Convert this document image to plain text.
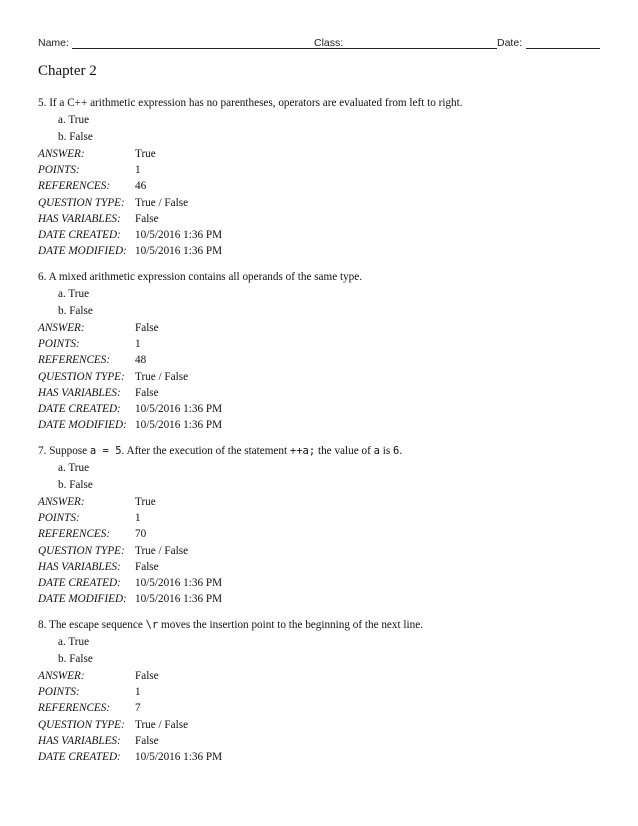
Name:	Class:	Date:
Chapter 2
5. If a C++ arithmetic expression has no parentheses, operators are evaluated from left to right.
a. True
b. False
ANSWER:	True
POINTS:	1
REFERENCES: 46
QUESTION TYPE: True / False
HAS VARIABLES: False
DATE CREATED: 10/5/2016 1:36 PM
DATE MODIFIED: 10/5/2016 1:36 PM
6. A mixed arithmetic expression contains all operands of the same type.
a. True
b. False
ANSWER:	False
POINTS:	1
REFERENCES: 48
QUESTION TYPE: True / False
HAS VARIABLES: False
DATE CREATED: 10/5/2016 1:36 PM
DATE MODIFIED: 10/5/2016 1:36 PM
7. Suppose a = 5. After the execution of the statement ++a; the value of a is 6.
a. True
b. False
ANSWER:	True
POINTS:	1
REFERENCES: 70
QUESTION TYPE: True / False
HAS VARIABLES: False
DATE CREATED: 10/5/2016 1:36 PM
DATE MODIFIED: 10/5/2016 1:36 PM
8. The escape sequence \r moves the insertion point to the beginning of the next line.
a. True
b. False
ANSWER:	False
POINTS:	1
REFERENCES: 7
QUESTION TYPE: True / False
HAS VARIABLES: False
DATE CREATED: 10/5/2016 1:36 PM
